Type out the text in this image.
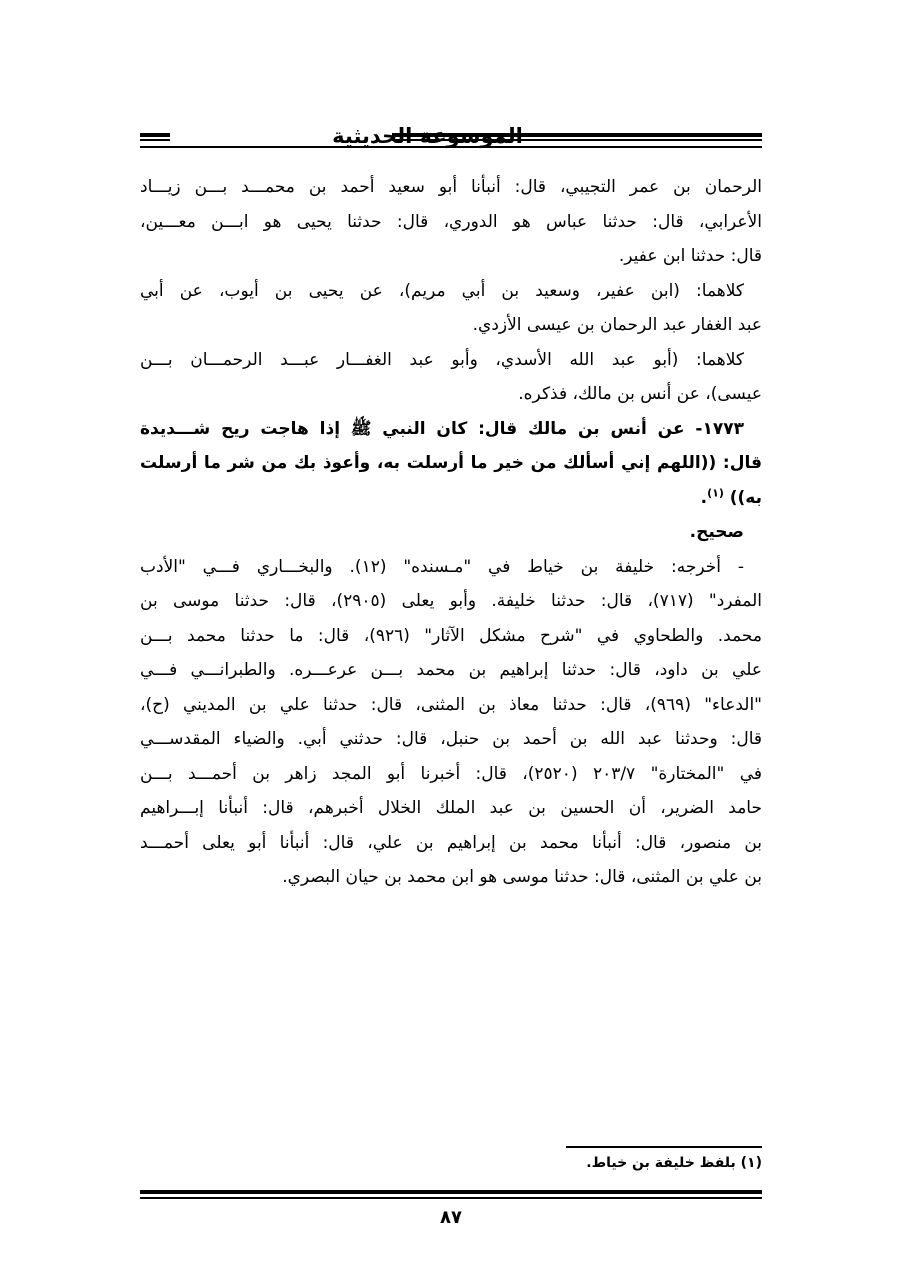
الموسوعة الحديثية
الرحمان بن عمر التجيبي، قال: أنبأنا أبو سعيد أحمد بن محمـــد بـــن زيـــاد
الأعرابي، قال: حدثنا عباس هو الدوري، قال: حدثنا يحيى هو ابـــن معـــين،
قال: حدثنا ابن عفير.
كلاهما: (ابن عفير، وسعيد بن أبي مريم)، عن يحيى بن أيوب، عن أبي
عبد الغفار عبد الرحمان بن عيسى الأزدي.
كلاهما: (أبو عبد الله الأسدي، وأبو عبد الغفـــار عبـــد الرحمـــان بـــن
عيسى)، عن أنس بن مالك، فذكره.
١٧٧٣- عن أنس بن مالك قال: كان النبي ﷺ إذا هاجت ريح شـــديدة
قال: ((اللهم إني أسألك من خير ما أرسلت به، وأعوذ بك من شر ما أرسلت
به)) $^{(١)}$.
صحيح.
- أخرجه: خليفة بن خياط في "مـسنده" (١٢). والبخـــاري فـــي "الأدب
المفرد" (٧١٧)، قال: حدثنا خليفة. وأبو يعلى (٢٩٠٥)، قال: حدثنا موسى بن
محمد. والطحاوي في "شرح مشكل الآثار" (٩٢٦)، قال: ما حدثنا محمد بـــن
علي بن داود، قال: حدثنا إبراهيم بن محمد بـــن عرعـــره. والطبرانـــي فـــي
"الدعاء" (٩٦٩)، قال: حدثنا معاذ بن المثنى، قال: حدثنا علي بن المديني (ح)،
قال: وحدثنا عبد الله بن أحمد بن حنبل، قال: حدثني أبي. والضياء المقدســـي
في "المختارة" ٢٠٣/٧ (٢٥٢٠)، قال: أخبرنا أبو المجد زاهر بن أحمـــد بـــن
حامد الضرير، أن الحسين بن عبد الملك الخلال أخبرهم، قال: أنبأنا إبـــراهيم
بن منصور، قال: أنبأنا محمد بن إبراهيم بن علي، قال: أنبأنا أبو يعلى أحمـــد
بن علي بن المثنى، قال: حدثنا موسى هو ابن محمد بن حيان البصري.
(١) بلفظ خليفة بن خياط.
٨٧
